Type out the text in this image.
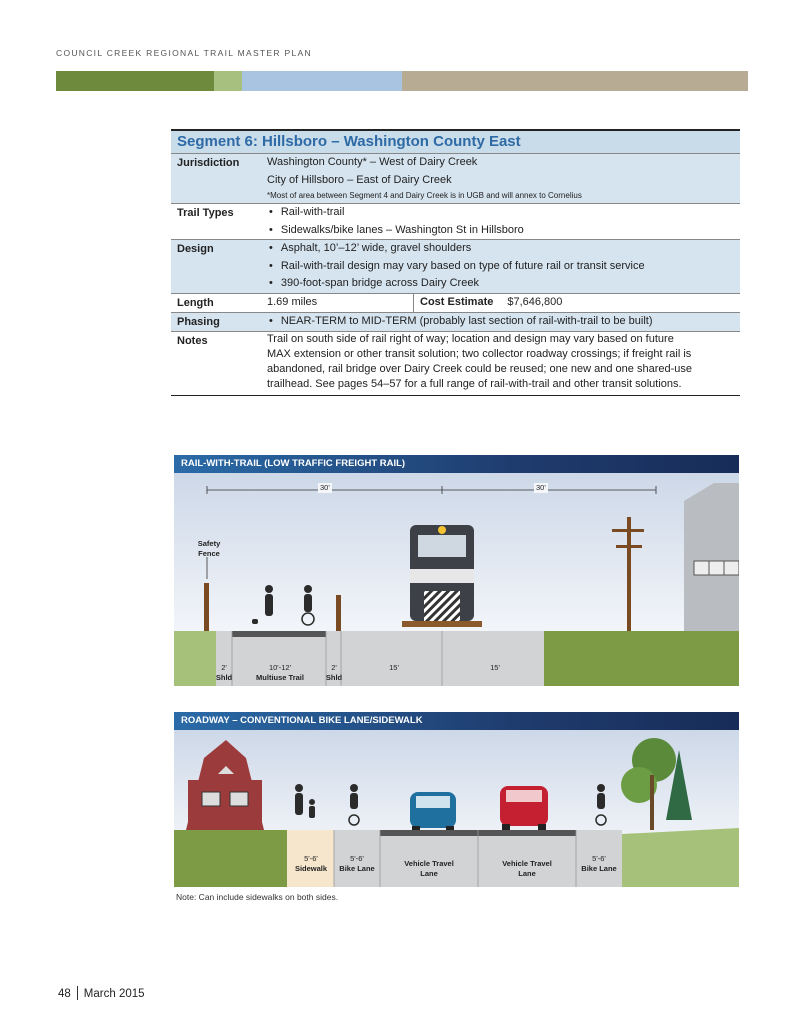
COUNCIL CREEK REGIONAL TRAIL MASTER PLAN
Segment 6: Hillsboro – Washington County East
Jurisdiction	Washington County* – West of Dairy Creek
City of Hillsboro – East of Dairy Creek
*Most of area between Segment 4 and Dairy Creek is in UGB and will annex to Cornelius
Trail Types	• Rail-with-trail
• Sidewalks/bike lanes – Washington St in Hillsboro
Design	• Asphalt, 10’–12’ wide, gravel shoulders
• Rail-with-trail design may vary based on type of future rail or transit service
• 390-foot-span bridge across Dairy Creek
Length	1.69 miles	Cost Estimate	$7,646,800
Phasing	• NEAR-TERM to MID-TERM (probably last section of rail-with-trail to be built)
Notes	Trail on south side of rail right of way; location and design may vary based on future
MAX extension or other transit solution; two collector roadway crossings; if freight rail is
abandoned, rail bridge over Dairy Creek could be reused; one new and one shared-use
trailhead. See pages 54–57 for a full range of rail-with-trail and other transit solutions.
RAIL-WITH-TRAIL (LOW TRAFFIC FREIGHT RAIL)
30'	30'
Safety Fence
2'
Shld
10'-12'
Multiuse Trail
2'
Shld
15'	15'
ROADWAY – CONVENTIONAL BIKE LANE/SIDEWALK
5'-6'
Sidewalk
5'-6'
Bike Lane
Vehicle Travel Lane
Vehicle Travel Lane
5'-6'
Bike Lane
Note: Can include sidewalks on both sides.
48 March 2015
